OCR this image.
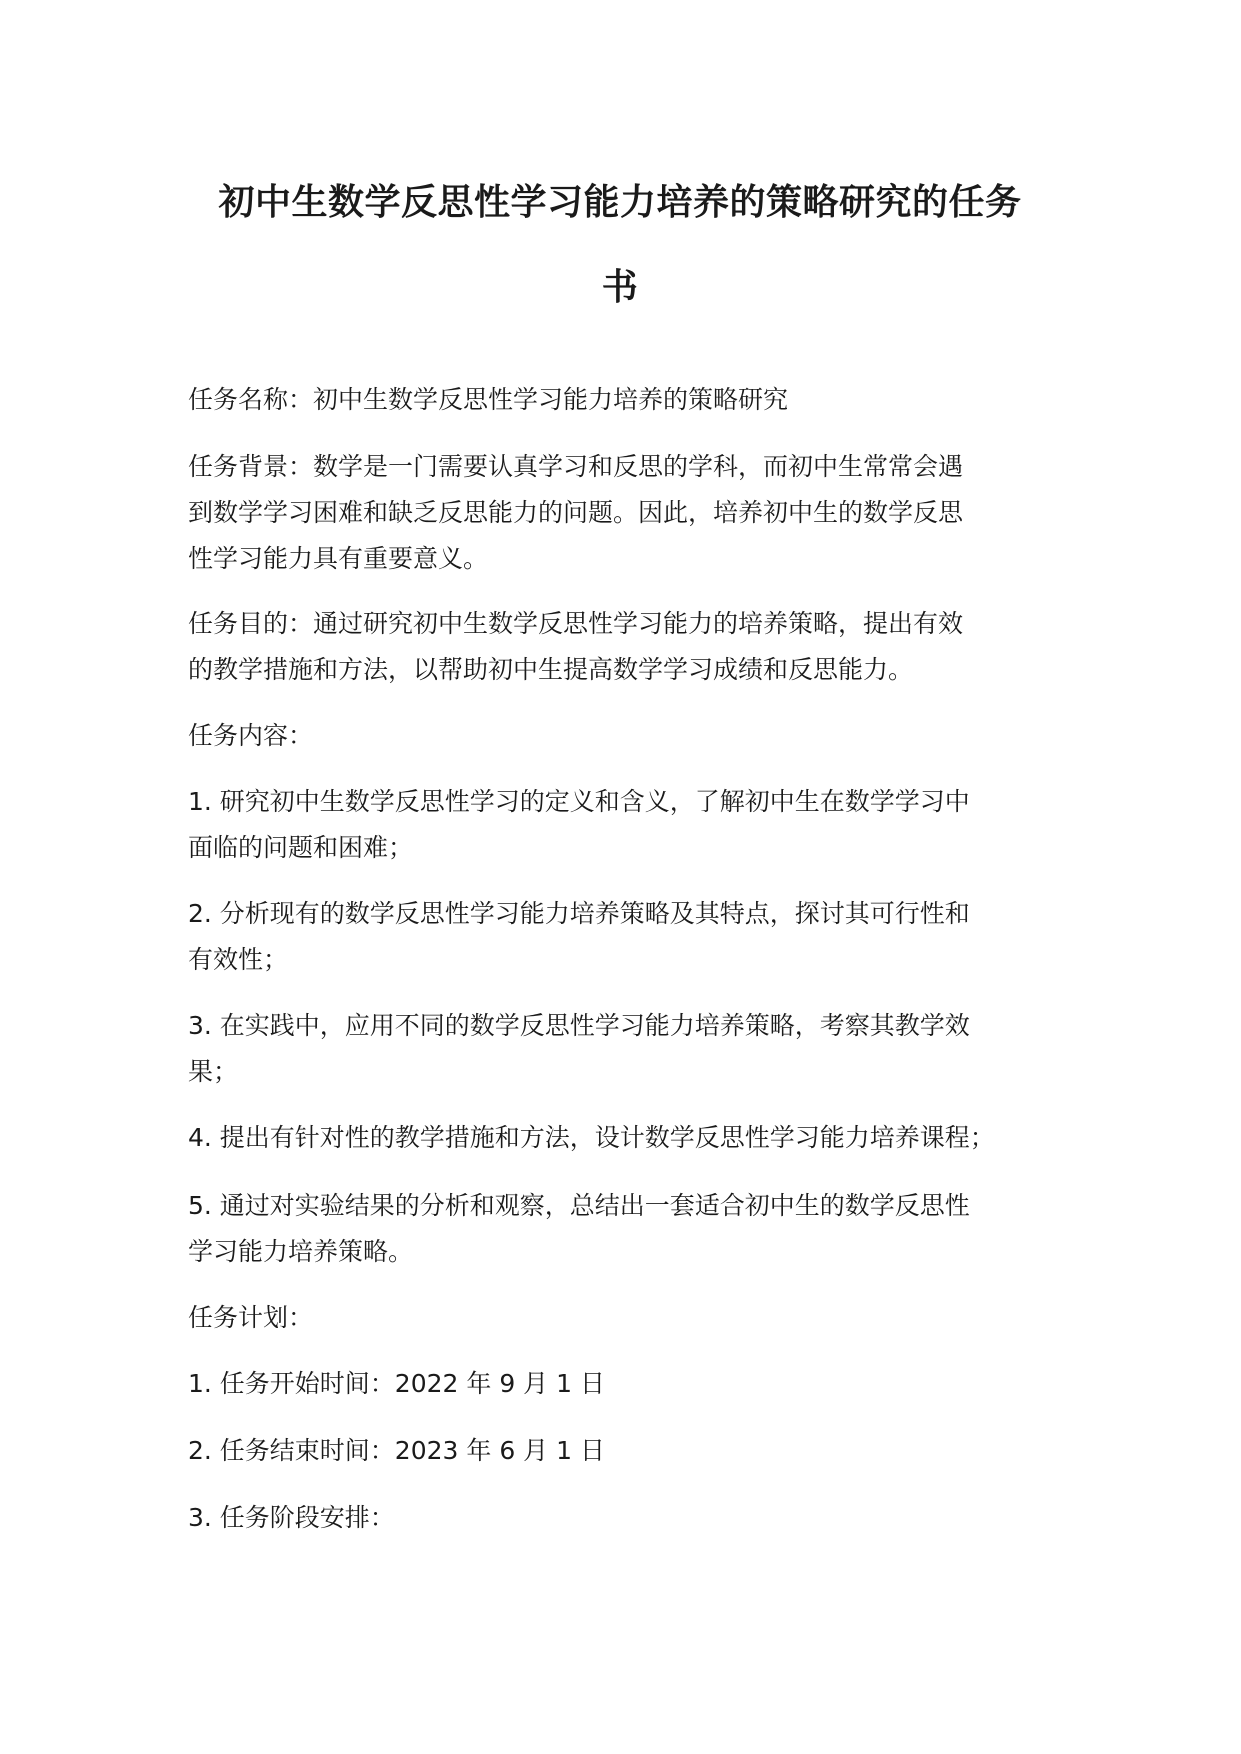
初中生数学反思性学习能力培养的策略研究的任务
书
任务名称：初中生数学反思性学习能力培养的策略研究
任务背景：数学是一门需要认真学习和反思的学科，而初中生常常会遇
到数学学习困难和缺乏反思能力的问题。因此，培养初中生的数学反思
性学习能力具有重要意义。
任务目的：通过研究初中生数学反思性学习能力的培养策略，提出有效
的教学措施和方法，以帮助初中生提高数学学习成绩和反思能力。
任务内容：
1. 研究初中生数学反思性学习的定义和含义，了解初中生在数学学习中
面临的问题和困难；
2. 分析现有的数学反思性学习能力培养策略及其特点，探讨其可行性和
有效性；
3. 在实践中，应用不同的数学反思性学习能力培养策略，考察其教学效
果；
4. 提出有针对性的教学措施和方法，设计数学反思性学习能力培养课程；
5. 通过对实验结果的分析和观察，总结出一套适合初中生的数学反思性
学习能力培养策略。
任务计划：
1. 任务开始时间：2022 年 9 月 1 日
2. 任务结束时间：2023 年 6 月 1 日
3. 任务阶段安排：
